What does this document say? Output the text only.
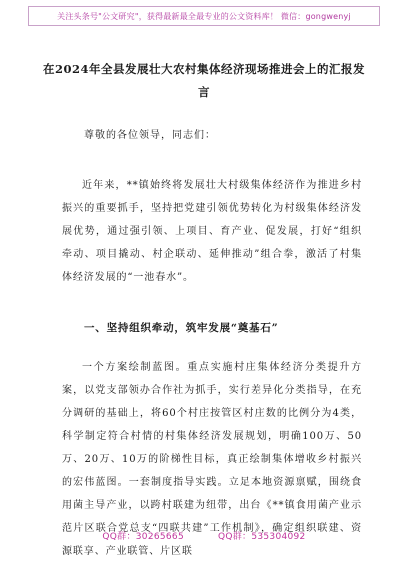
关注头条号"公文研究"，获得最新最全最专业的公文资料库！ 微信：gongwenyj
在2024年全县发展壮大农村集体经济现场推进会上的汇报发言
尊敬的各位领导，同志们：

近年来，**镇始终将发展壮大村级集体经济作为推进乡村振兴的重要抓手，坚持把党建引领优势转化为村级集体经济发展优势，通过强引领、上项目、育产业、促发展，打好“组织牵动、项目撬动、村企联动、延伸推动”组合拳，激活了村集体经济发展的“一池春水”。

一、坚持组织牵动，筑牢发展“奠基石”

一个方案绘制蓝图。重点实施村庄集体经济分类提升方案，以党支部领办合作社为抓手，实行差异化分类指导，在充分调研的基础上，将60个村庄按管区村庄数的比例分为4类，科学制定符合村情的村集体经济发展规划，明确100万、50万、20万、10万的阶梯性目标，真正绘制集体增收乡村振兴的宏伟蓝图。一套制度指导实践。立足本地资源禀赋，围绕食用菌主导产业，以跨村联建为纽带，出台《**镇食用菌产业示范片区联合党总支“四联共建”工作机制》，确定组织联建、资源联享、产业联管、片区联

QQ群：30265665	QQ群：535304092
